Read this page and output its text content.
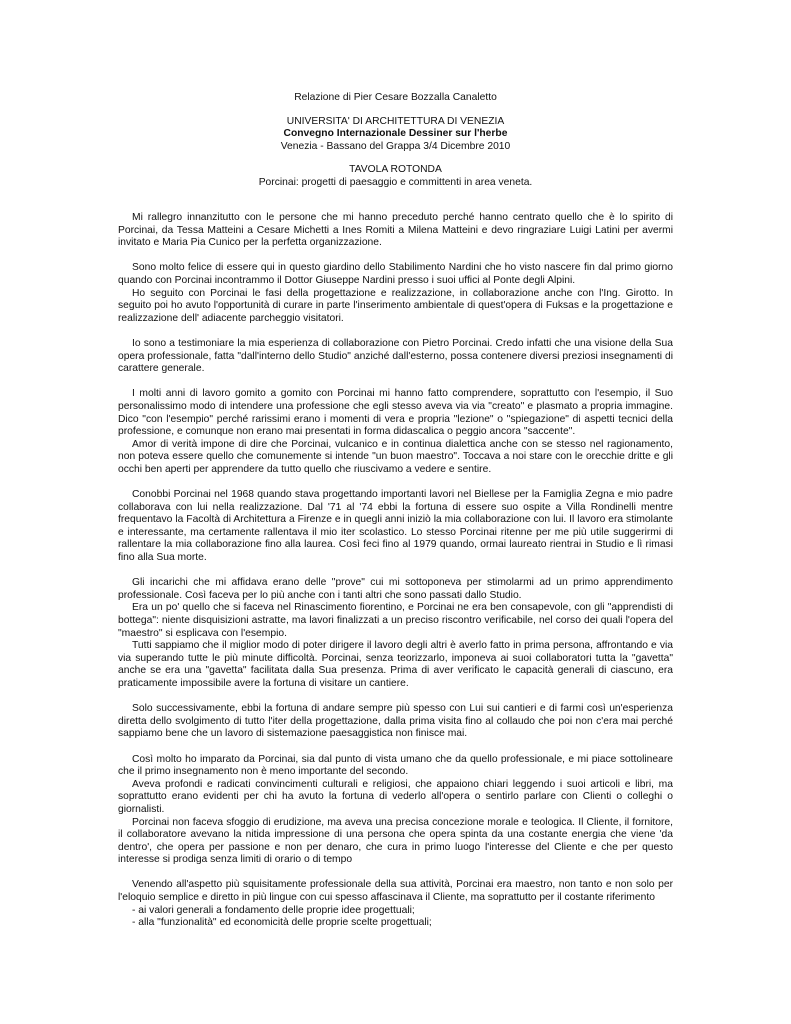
Relazione di Pier Cesare Bozzalla Canaletto

UNIVERSITA' DI ARCHITETTURA DI VENEZIA

Convegno Internazionale Dessiner sur l'herbe

Venezia - Bassano del Grappa 3/4 Dicembre 2010

TAVOLA ROTONDA

Porcinai: progetti di paesaggio e committenti in area veneta.

Mi rallegro innanzitutto con le persone che mi hanno preceduto perché hanno centrato quello che è lo spirito di Porcinai, da Tessa Matteini a Cesare Michetti a Ines Romiti a Milena Matteini e devo ringraziare Luigi Latini per avermi invitato e Maria Pia Cunico per la perfetta organizzazione.

Sono molto felice di essere qui in questo giardino dello Stabilimento Nardini che ho visto nascere fin dal primo giorno quando con Porcinai incontrammo il Dottor Giuseppe Nardini presso i suoi uffici al Ponte degli Alpini.

Ho seguito con Porcinai le fasi della progettazione e realizzazione, in collaborazione anche con l'Ing. Girotto. In seguito poi ho avuto l'opportunità di curare in parte l'inserimento ambientale di quest'opera di Fuksas e la progettazione e realizzazione dell' adiacente parcheggio visitatori.

Io sono a testimoniare la mia esperienza di collaborazione con Pietro Porcinai. Credo infatti che una visione della Sua opera professionale, fatta "dall'interno dello Studio" anziché dall'esterno, possa contenere diversi preziosi insegnamenti di carattere generale.

I molti anni di lavoro gomito a gomito con Porcinai mi hanno fatto comprendere, soprattutto con l'esempio, il Suo personalissimo modo di intendere una professione che egli stesso aveva via via "creato" e plasmato a propria immagine. Dico "con l'esempio" perché rarissimi erano i momenti di vera e propria "lezione" o "spiegazione" di aspetti tecnici della professione, e comunque non erano mai presentati in forma didascalica o peggio ancora "saccente".

Amor di verità impone di dire che Porcinai, vulcanico e in continua dialettica anche con se stesso nel ragionamento, non poteva essere quello che comunemente si intende "un buon maestro". Toccava a noi stare con le orecchie dritte e gli occhi ben aperti per apprendere da tutto quello che riuscivamo a vedere e sentire.

Conobbi Porcinai nel 1968 quando stava progettando importanti lavori nel Biellese per la Famiglia Zegna e mio padre collaborava con lui nella realizzazione. Dal '71 al '74 ebbi la fortuna di essere suo ospite a Villa Rondinelli mentre frequentavo la Facoltà di Architettura a Firenze e in quegli anni iniziò la mia collaborazione con lui. Il lavoro era stimolante e interessante, ma certamente rallentava il mio iter scolastico. Lo stesso Porcinai ritenne per me più utile suggerirmi di rallentare la mia collaborazione fino alla laurea. Così feci fino al 1979 quando, ormai laureato rientrai in Studio e lì rimasi fino alla Sua morte.

Gli incarichi che mi affidava erano delle "prove" cui mi sottoponeva per stimolarmi ad un primo apprendimento professionale. Così faceva per lo più anche con i tanti altri che sono passati dallo Studio.

Era un po' quello che si faceva nel Rinascimento fiorentino, e Porcinai ne era ben consapevole, con gli "apprendisti di bottega": niente disquisizioni astratte, ma lavori finalizzati a un preciso riscontro verificabile, nel corso dei quali l'opera del "maestro" si esplicava con l'esempio.

Tutti sappiamo che il miglior modo di poter dirigere il lavoro degli altri è averlo fatto in prima persona, affrontando e via via superando tutte le più minute difficoltà. Porcinai, senza teorizzarlo, imponeva ai suoi collaboratori tutta la "gavetta" anche se era una "gavetta" facilitata dalla Sua presenza. Prima di aver verificato le capacità generali di ciascuno, era praticamente impossibile avere la fortuna di visitare un cantiere.

Solo successivamente, ebbi la fortuna di andare sempre più spesso con Lui sui cantieri e di farmi così un'esperienza diretta dello svolgimento di tutto l'iter della progettazione, dalla prima visita fino al collaudo che poi non c'era mai perché sappiamo bene che un lavoro di sistemazione paesaggistica non finisce mai.

Così molto ho imparato da Porcinai, sia dal punto di vista umano che da quello professionale, e mi piace sottolineare che il primo insegnamento non è meno importante del secondo.

Aveva profondi e radicati convincimenti culturali e religiosi, che appaiono chiari leggendo i suoi articoli e libri, ma soprattutto erano evidenti per chi ha avuto la fortuna di vederlo all'opera o sentirlo parlare con Clienti o colleghi o giornalisti.

Porcinai non faceva sfoggio di erudizione, ma aveva una precisa concezione morale e teologica. Il Cliente, il fornitore, il collaboratore avevano la nitida impressione di una persona che opera spinta da una costante energia che viene 'da dentro', che opera per passione e non per denaro, che cura in primo luogo l'interesse del Cliente e che per questo interesse si prodiga senza limiti di orario o di tempo

Venendo all'aspetto più squisitamente professionale della sua attività, Porcinai era maestro, non tanto e non solo per l'eloquio semplice e diretto in più lingue con cui spesso affascinava il Cliente, ma soprattutto per il costante riferimento

- ai valori generali a fondamento delle proprie idee progettuali;

- alla "funzionalità" ed economicità delle proprie scelte progettuali;
